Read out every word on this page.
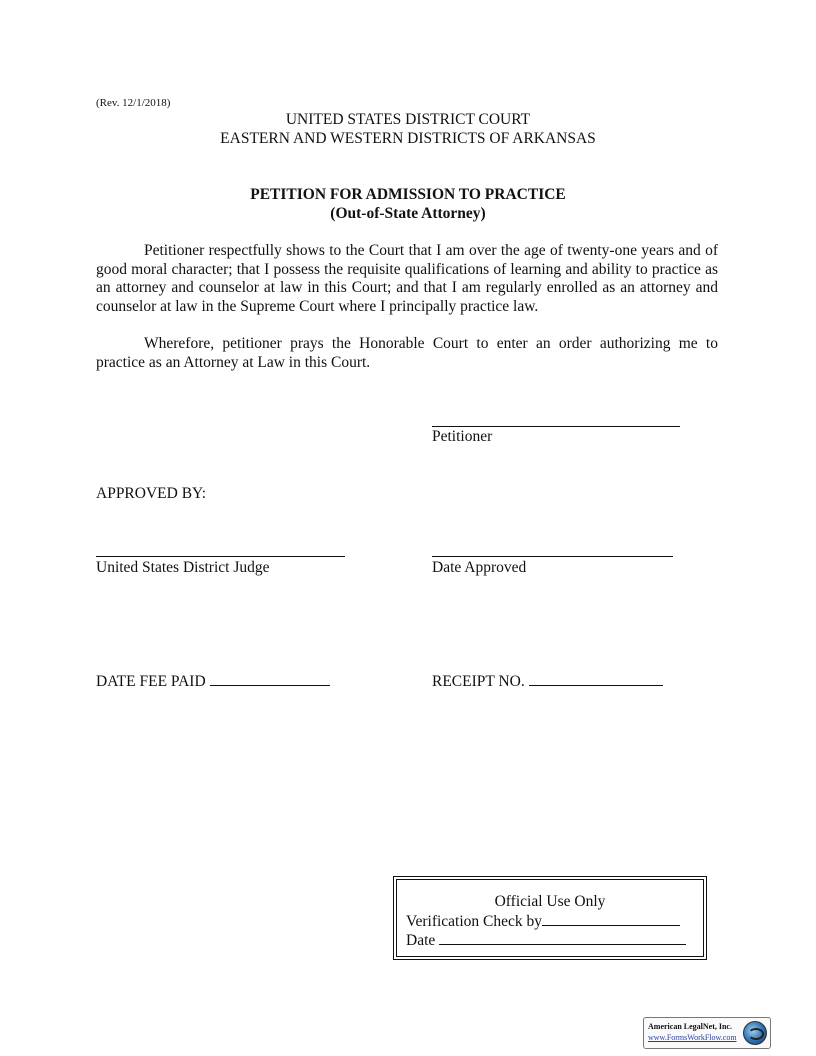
(Rev. 12/1/2018)
UNITED STATES DISTRICT COURT
EASTERN AND WESTERN DISTRICTS OF ARKANSAS
PETITION FOR ADMISSION TO PRACTICE
(Out-of-State Attorney)

Petitioner respectfully shows to the Court that I am over the age of twenty-one years and of good moral character; that I possess the requisite qualifications of learning and ability to practice as an attorney and counselor at law in this Court; and that I am regularly enrolled as an attorney and counselor at law in the Supreme Court where I principally practice law.

Wherefore, petitioner prays the Honorable Court to enter an order authorizing me to practice as an Attorney at Law in this Court.

Petitioner
APPROVED BY:
United States District Judge	Date Approved
DATE FEE PAID	RECEIPT NO.
Official Use Only
Verification Check by
Date
American LegalNet, Inc.
www.FormsWorkFlow.com
